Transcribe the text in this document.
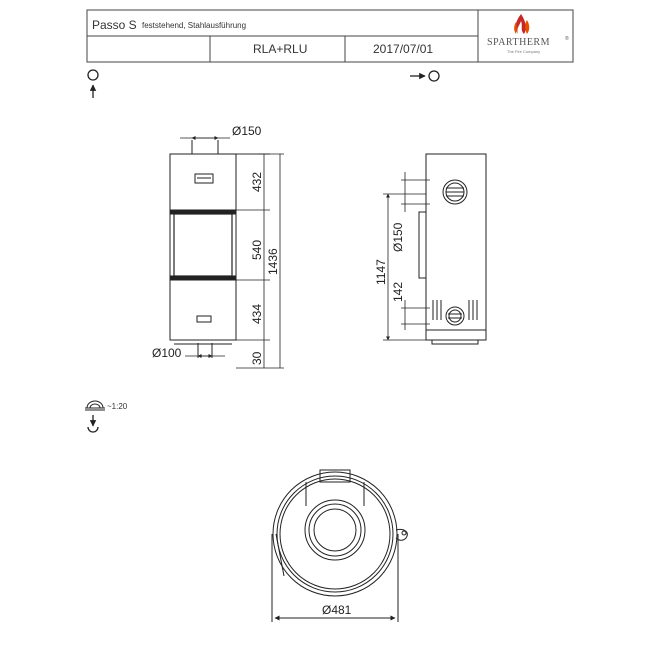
Passo S feststehend, Stahlausführung
RLA+RLU	2017/07/01	SPARTHERM	®
The Fire Company
Ø150
Ø100
432
540
434
1436
30
1147
Ø150
142
~1:20
Ø481
